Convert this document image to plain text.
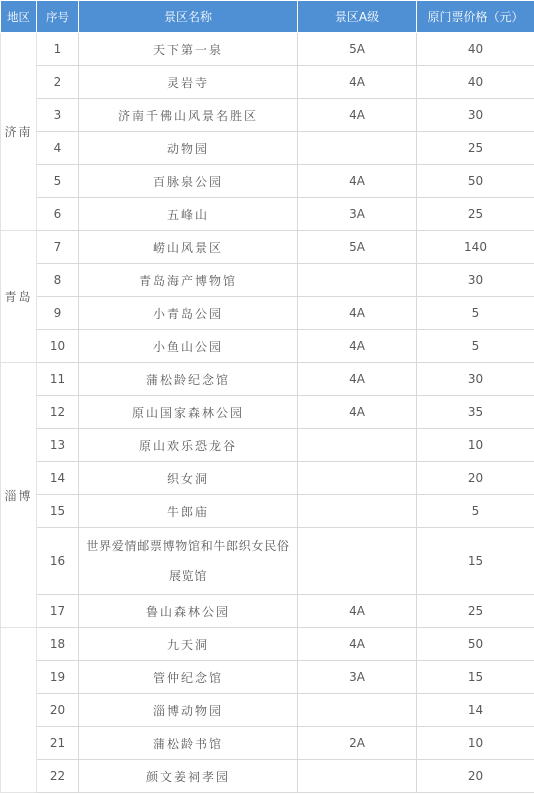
地区	序号	景区名称	景区A级	原门票价格（元）
济南	1	天下第一泉	5A	40
	2	灵岩寺	4A	40
	3	济南千佛山风景名胜区	4A	30
	4	动物园		25
	5	百脉泉公园	4A	50
	6	五峰山	3A	25
青岛	7	崂山风景区	5A	140
	8	青岛海产博物馆		30
	9	小青岛公园	4A	5
	10	小鱼山公园	4A	5
淄博	11	蒲松龄纪念馆	4A	30
	12	原山国家森林公园	4A	35
	13	原山欢乐恐龙谷		10
	14	织女洞		20
	15	牛郎庙		5
	16	世界爱情邮票博物馆和牛郎织女民俗展览馆		15
	17	鲁山森林公园	4A	25
	18	九天洞	4A	50
	19	管仲纪念馆	3A	15
	20	淄博动物园		14
	21	蒲松龄书馆	2A	10
	22	颜文姜祠孝园		20
